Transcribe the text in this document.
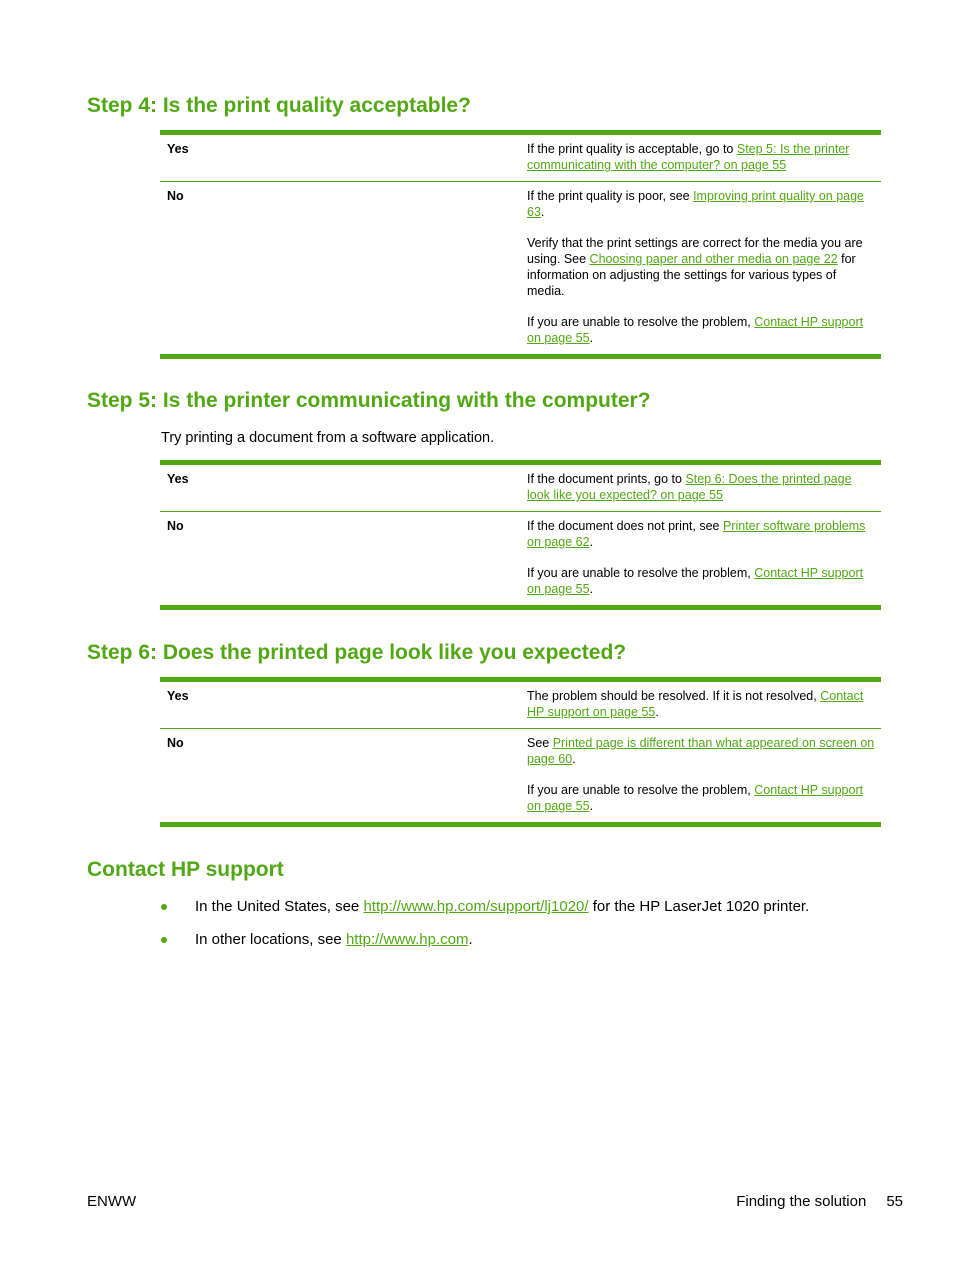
Step 4: Is the print quality acceptable?
Yes	If the print quality is acceptable, go to Step 5: Is the printer communicating with the computer? on page 55

No	If the print quality is poor, see Improving print quality on page 63.

Verify that the print settings are correct for the media you are using. See Choosing paper and other media on page 22 for information on adjusting the settings for various types of media.

If you are unable to resolve the problem, Contact HP support on page 55.

Step 5: Is the printer communicating with the computer?

Try printing a document from a software application.

Yes	If the document prints, go to Step 6: Does the printed page look like you expected? on page 55

No	If the document does not print, see Printer software problems on page 62.

If you are unable to resolve the problem, Contact HP support on page 55.

Step 6: Does the printed page look like you expected?
Yes	The problem should be resolved. If it is not resolved, Contact HP support on page 55.

No	See Printed page is different than what appeared on screen on page 60.

If you are unable to resolve the problem, Contact HP support on page 55.

Contact HP support
In the United States, see http://www.hp.com/support/lj1020/ for the HP LaserJet 1020 printer.
In other locations, see http://www.hp.com.
ENWW	Finding the solution 55
